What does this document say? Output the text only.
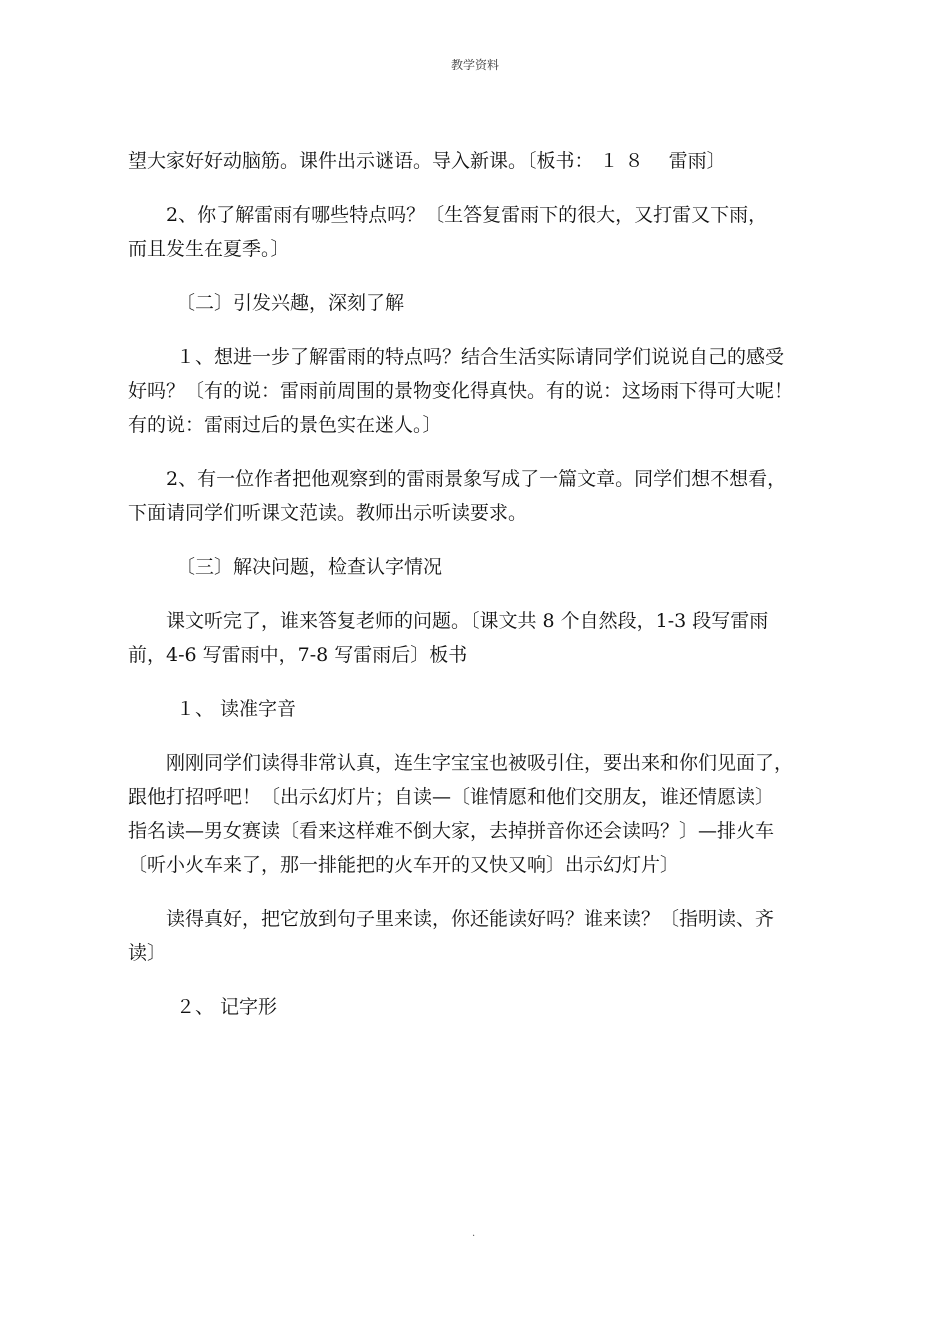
教学资料
望大家好好动脑筋。课件出示谜语。导入新课。〔板书： １ ８　 雷雨〕
2、你了解雷雨有哪些特点吗？〔生答复雷雨下的很大，又打雷又下雨，
而且发生在夏季。〕
〔二〕引发兴趣，深刻了解
１、想进一步了解雷雨的特点吗？结合生活实际请同学们说说自己的感受
好吗？〔有的说：雷雨前周围的景物变化得真快。有的说：这场雨下得可大呢！
有的说：雷雨过后的景色实在迷人。〕
2、有一位作者把他观察到的雷雨景象写成了一篇文章。同学们想不想看，
下面请同学们听课文范读。教师出示听读要求。
〔三〕解决问题，检查认字情况
课文听完了，谁来答复老师的问题。〔课文共 8 个自然段，1-3 段写雷雨
前，4-6 写雷雨中，7-8 写雷雨后〕板书
１、 读准字音
刚刚同学们读得非常认真，连生字宝宝也被吸引住，要出来和你们见面了，
跟他打招呼吧！〔出示幻灯片；自读—〔谁情愿和他们交朋友，谁还情愿读〕
指名读—男女赛读〔看来这样难不倒大家，去掉拼音你还会读吗？〕—排火车
〔听小火车来了，那一排能把的火车开的又快又响〕出示幻灯片〕
读得真好，把它放到句子里来读，你还能读好吗？谁来读？〔指明读、齐
读〕
２、 记字形
.
